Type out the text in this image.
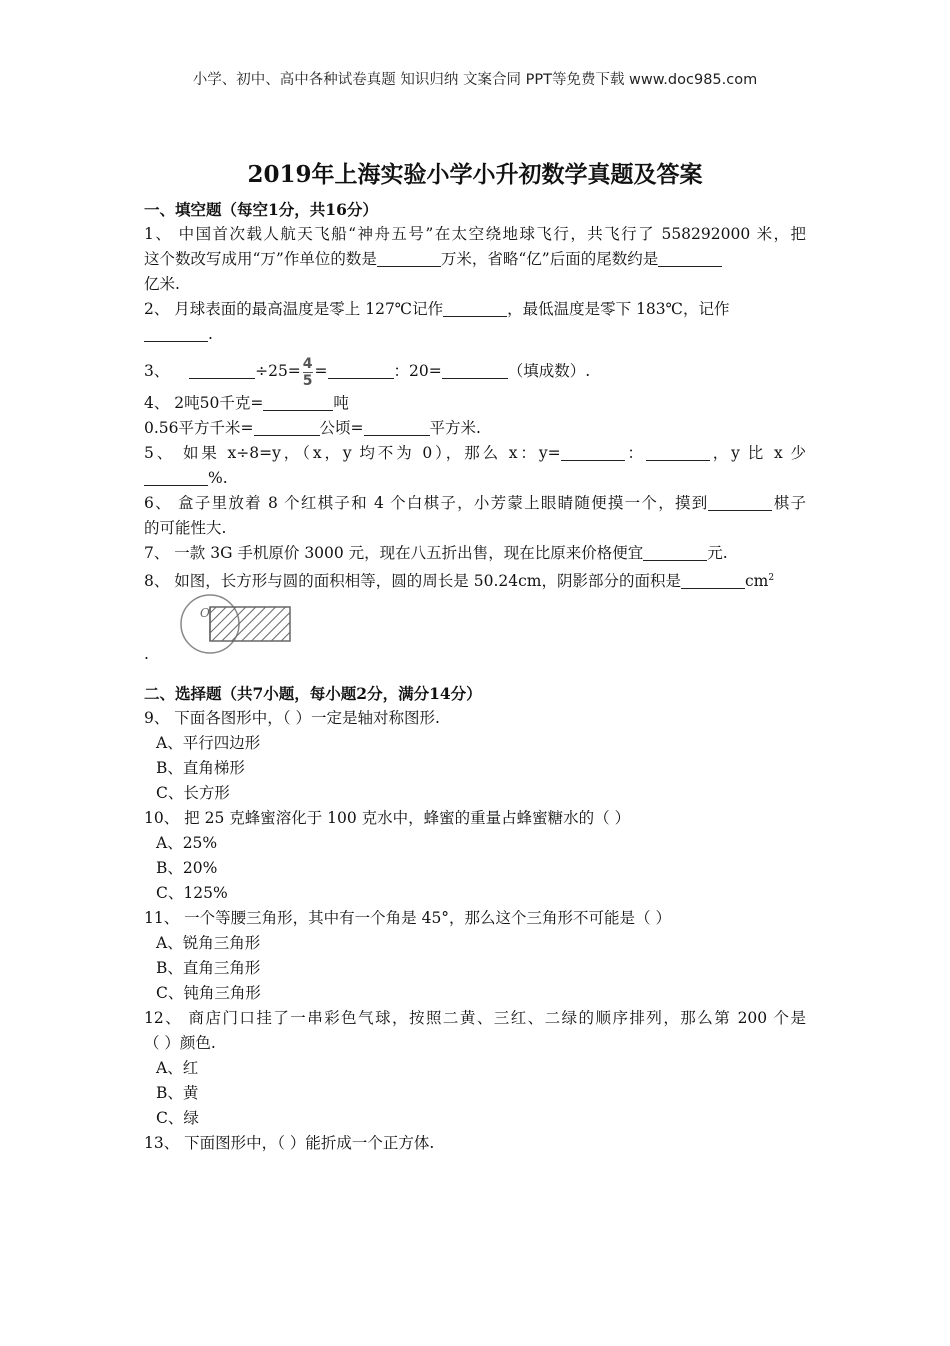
小学、初中、高中各种试卷真题 知识归纳 文案合同 PPT等免费下载 www.doc985.com
2019年上海实验小学小升初数学真题及答案
一、填空题（每空1分，共16分）
1、 中国首次载人航天飞船“神舟五号”在太空绕地球飞行，共飞行了 558292000 米，把
这个数改写成用“万”作单位的数是	万米，省略“亿”后面的尾数约是
亿米.
2、 月球表面的最高温度是零上 127℃记作	，最低温度是零下 183℃，记作
.
3、	$\div 25= \frac{4}{5}$ =	：20=	（填成数）.
4、 2吨50千克=	吨
0.56平方千米=	公顷=	平方米.
5、 如果 x÷8=y，（x，y 均不为 0），那么 x：y=	：	，y 比 x 少
%.
6、 盒子里放着 8 个红棋子和 4 个白棋子，小芳蒙上眼睛随便摸一个，摸到	棋子
的可能性大.
7、 一款 3G 手机原价 3000 元，现在八五折出售，现在比原来价格便宜	元.
8、 如图，长方形与圆的面积相等，圆的周长是 50.24cm，阴影部分的面积是	$cm^2$
O
.
二、选择题（共7小题，每小题2分，满分14分）
9、 下面各图形中，（ ）一定是轴对称图形.
A、平行四边形
B、直角梯形
C、长方形
10、 把 25 克蜂蜜溶化于 100 克水中，蜂蜜的重量占蜂蜜糖水的（ ）
A、25%
B、20%
C、125%
11、 一个等腰三角形，其中有一个角是 45°，那么这个三角形不可能是（ ）
A、锐角三角形
B、直角三角形
C、钝角三角形
12、 商店门口挂了一串彩色气球，按照二黄、三红、二绿的顺序排列，那么第 200 个是
（ ）颜色.
A、红
B、黄
C、绿
13、 下面图形中，（ ）能折成一个正方体.
